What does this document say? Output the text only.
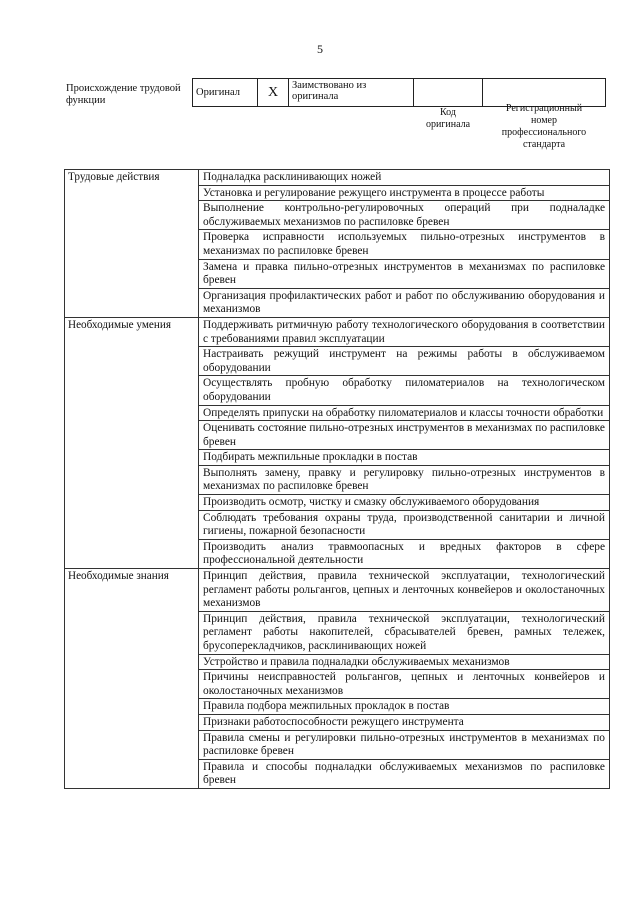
5
Происхождение трудовой функции
Оригинал	X	Заимствовано из оригинала		
Код оригинала
Регистрационный номер профессионального стандарта
Трудовые действия	Подналадка расклинивающих ножей
	Установка и регулирование режущего инструмента в процессе работы
	Выполнение контрольно-регулировочных операций при подналадке обслуживаемых механизмов по распиловке бревен
	Проверка исправности используемых пильно-отрезных инструментов в механизмах по распиловке бревен
	Замена и правка пильно-отрезных инструментов в механизмах по распиловке бревен
	Организация профилактических работ и работ по обслуживанию оборудования и механизмов
Необходимые умения	Поддерживать ритмичную работу технологического оборудования в соответствии с требованиями правил эксплуатации
	Настраивать режущий инструмент на режимы работы в обслуживаемом оборудовании
	Осуществлять пробную обработку пиломатериалов на технологическом оборудовании
	Определять припуски на обработку пиломатериалов и классы точности обработки
	Оценивать состояние пильно-отрезных инструментов в механизмах по распиловке бревен
	Подбирать межпильные прокладки в постав
	Выполнять замену, правку и регулировку пильно-отрезных инструментов в механизмах по распиловке бревен
	Производить осмотр, чистку и смазку обслуживаемого оборудования
	Соблюдать требования охраны труда, производственной санитарии и личной гигиены, пожарной безопасности
	Производить анализ травмоопасных и вредных факторов в сфере профессиональной деятельности
Необходимые знания	Принцип действия, правила технической эксплуатации, технологический регламент работы рольгангов, цепных и ленточных конвейеров и околостаночных механизмов
	Принцип действия, правила технической эксплуатации, технологический регламент работы накопителей, сбрасывателей бревен, рамных тележек, брусоперекладчиков, расклинивающих ножей
	Устройство и правила подналадки обслуживаемых механизмов
	Причины неисправностей рольгангов, цепных и ленточных конвейеров и околостаночных механизмов
	Правила подбора межпильных прокладок в постав
	Признаки работоспособности режущего инструмента
	Правила смены и регулировки пильно-отрезных инструментов в механизмах по распиловке бревен
	Правила и способы подналадки обслуживаемых механизмов по распиловке бревен
